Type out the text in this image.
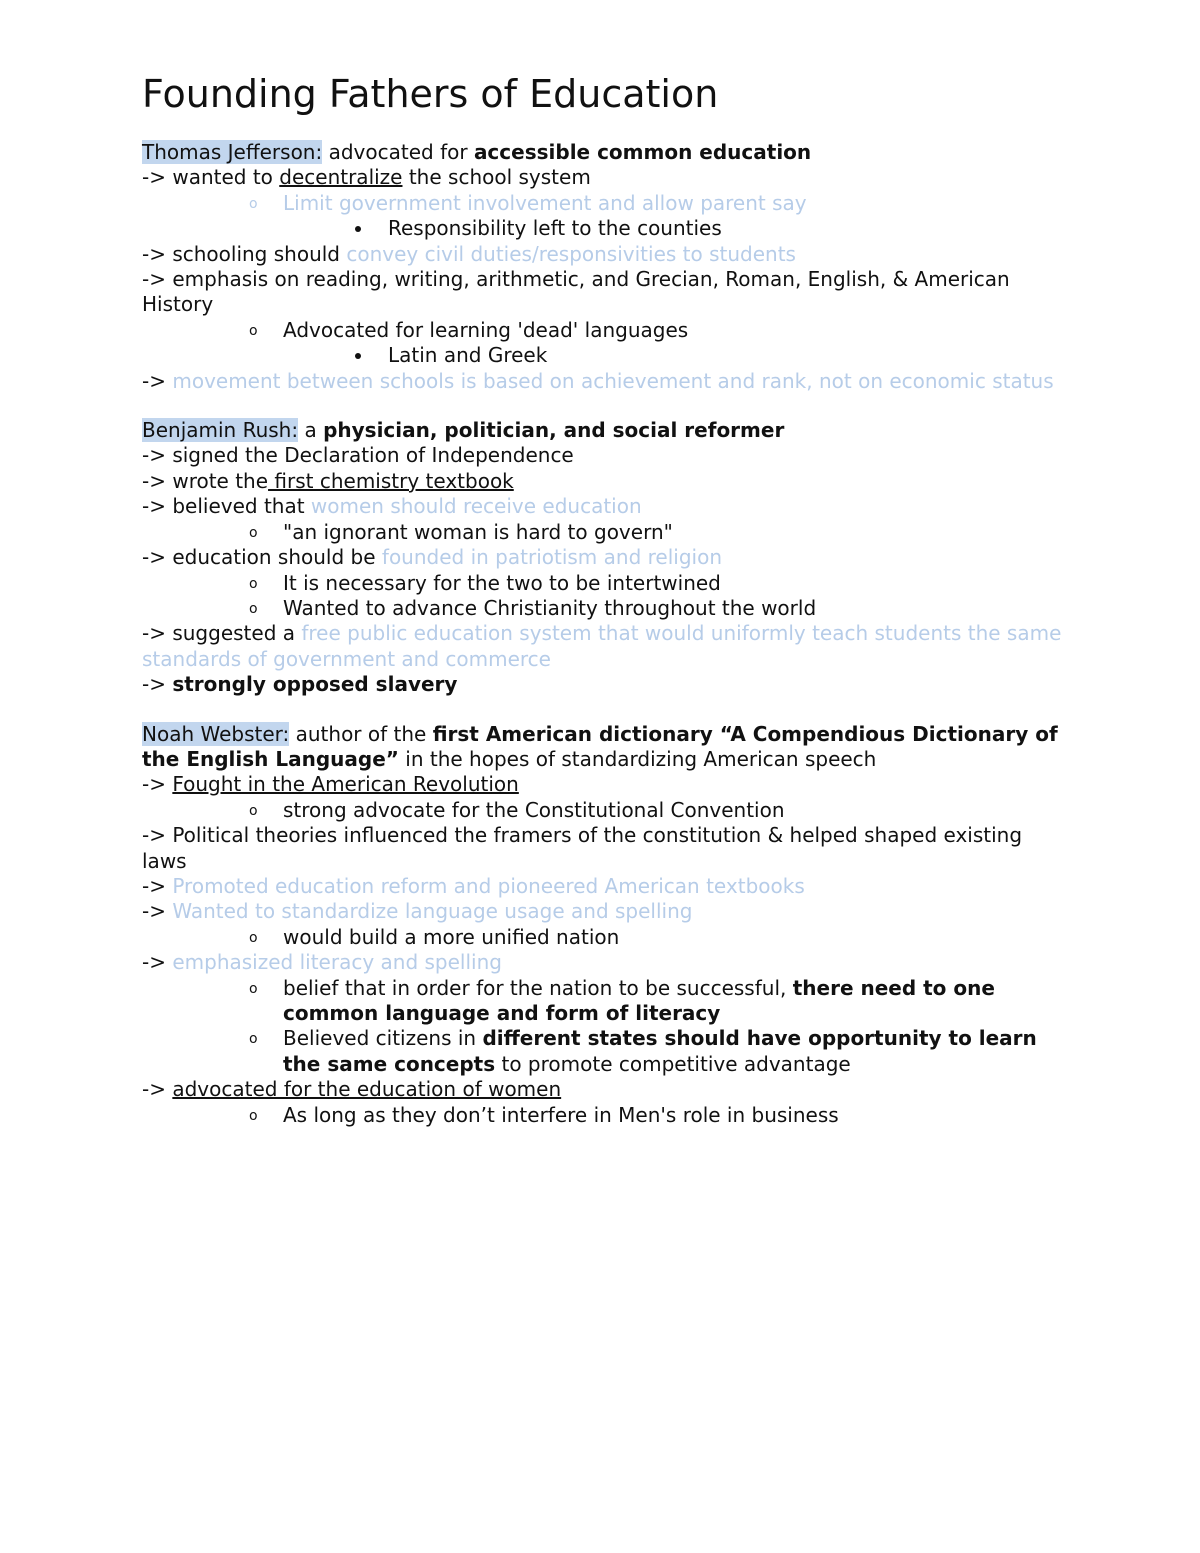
Founding Fathers of Education
Thomas Jefferson: advocated for accessible common education
-> wanted to decentralize the school system
o Limit government involvement and allow parent say
Responsibility left to the counties
-> schooling should convey civil duties/responsivities to students
-> emphasis on reading, writing, arithmetic, and Grecian, Roman, English, & American History
o Advocated for learning 'dead' languages
Latin and Greek
-> movement between schools is based on achievement and rank, not on economic status
Benjamin Rush: a physician, politician, and social reformer
-> signed the Declaration of Independence
-> wrote the first chemistry textbook
-> believed that women should receive education
o "an ignorant woman is hard to govern"
-> education should be founded in patriotism and religion
o It is necessary for the two to be intertwined
o Wanted to advance Christianity throughout the world
-> suggested a free public education system that would uniformly teach students the same standards of government and commerce
-> strongly opposed slavery
Noah Webster: author of the first American dictionary “A Compendious Dictionary of the English Language” in the hopes of standardizing American speech
-> Fought in the American Revolution
o strong advocate for the Constitutional Convention
-> Political theories influenced the framers of the constitution & helped shaped existing laws
-> Promoted education reform and pioneered American textbooks
-> Wanted to standardize language usage and spelling
o would build a more unified nation
-> emphasized literacy and spelling
o belief that in order for the nation to be successful, there need to one common language and form of literacy
o Believed citizens in different states should have opportunity to learn the same concepts to promote competitive advantage
-> advocated for the education of women
o As long as they don’t interfere in Men's role in business
